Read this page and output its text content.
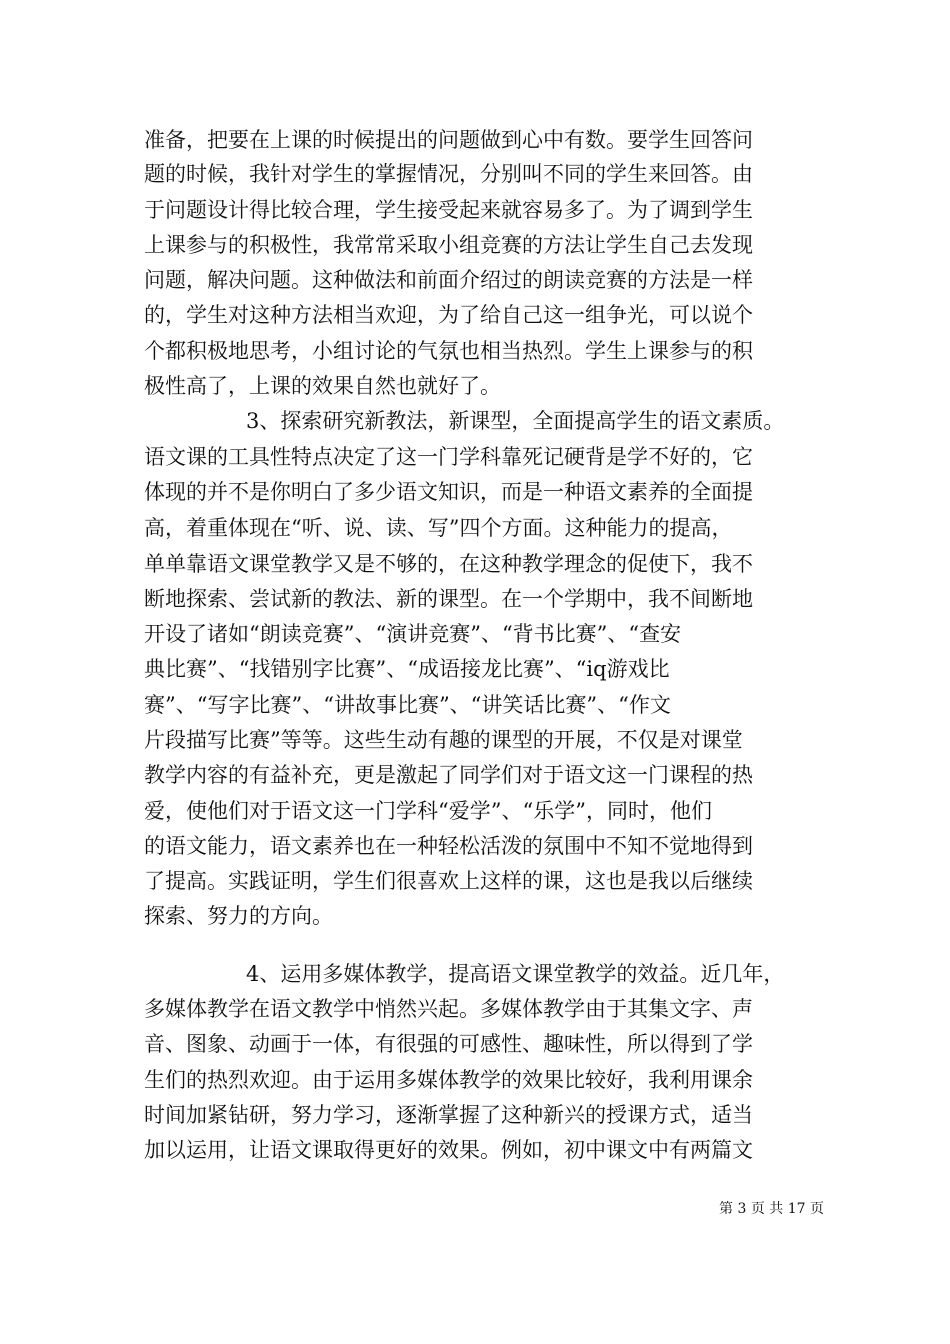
准备，把要在上课的时候提出的问题做到心中有数。要学生回答问
题的时候，我针对学生的掌握情况，分别叫不同的学生来回答。由
于问题设计得比较合理，学生接受起来就容易多了。为了调到学生
上课参与的积极性，我常常采取小组竞赛的方法让学生自己去发现
问题，解决问题。这种做法和前面介绍过的朗读竞赛的方法是一样
的，学生对这种方法相当欢迎，为了给自己这一组争光，可以说个
个都积极地思考，小组讨论的气氛也相当热烈。学生上课参与的积
极性高了，上课的效果自然也就好了。
3、探索研究新教法，新课型，全面提高学生的语文素质。
语文课的工具性特点决定了这一门学科靠死记硬背是学不好的，它
体现的并不是你明白了多少语文知识，而是一种语文素养的全面提
高，着重体现在“听、说、读、写”四个方面。这种能力的提高，
单单靠语文课堂教学又是不够的，在这种教学理念的促使下，我不
断地探索、尝试新的教法、新的课型。在一个学期中，我不间断地
开设了诸如“朗读竞赛”、“演讲竞赛”、“背书比赛”、“查安
典比赛”、“找错别字比赛”、“成语接龙比赛”、“iq游戏比
赛”、“写字比赛”、“讲故事比赛”、“讲笑话比赛”、“作文
片段描写比赛”等等。这些生动有趣的课型的开展，不仅是对课堂
教学内容的有益补充，更是激起了同学们对于语文这一门课程的热
爱，使他们对于语文这一门学科“爱学”、“乐学”，同时，他们
的语文能力，语文素养也在一种轻松活泼的氛围中不知不觉地得到
了提高。实践证明，学生们很喜欢上这样的课，这也是我以后继续
探索、努力的方向。
4、运用多媒体教学，提高语文课堂教学的效益。近几年，
多媒体教学在语文教学中悄然兴起。多媒体教学由于其集文字、声
音、图象、动画于一体，有很强的可感性、趣味性，所以得到了学
生们的热烈欢迎。由于运用多媒体教学的效果比较好，我利用课余
时间加紧钻研，努力学习，逐渐掌握了这种新兴的授课方式，适当
加以运用，让语文课取得更好的效果。例如，初中课文中有两篇文
第 3 页 共 17 页
